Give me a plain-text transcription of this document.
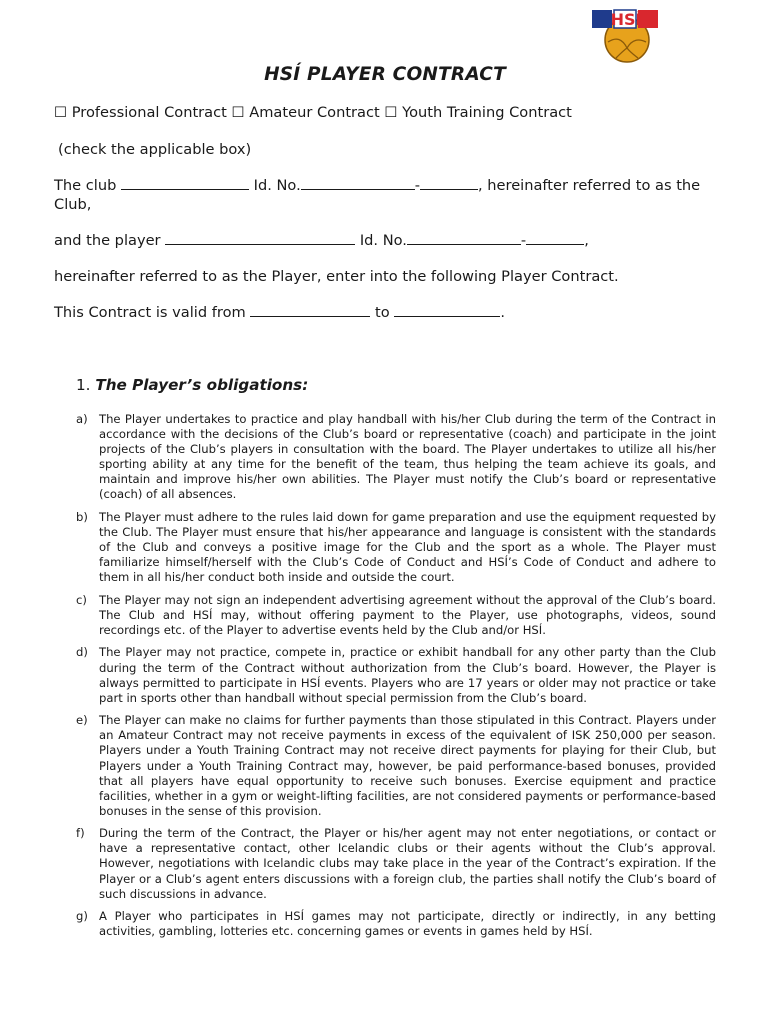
HSÍ
HSÍ PLAYER CONTRACT
☐ Professional Contract ☐ Amateur Contract ☐ Youth Training Contract
(check the applicable box)
The club	Id. No.	-	, hereinafter referred to as the
Club,
and the player	Id. No.	-	,
hereinafter referred to as the Player, enter into the following Player Contract.
This Contract is valid from	to	.
1. The Player’s obligations:
a) The Player undertakes to practice and play handball with his/her Club during the term of the Contract in accordance with the decisions of the Club’s board or representative (coach) and participate in the joint projects of the Club’s players in consultation with the board. The Player undertakes to utilize all his/her sporting ability at any time for the benefit of the team, thus helping the team achieve its goals, and maintain and improve his/her own abilities. The Player must notify the Club’s board or representative (coach) of all absences.
b) The Player must adhere to the rules laid down for game preparation and use the equipment requested by the Club. The Player must ensure that his/her appearance and language is consistent with the standards of the Club and conveys a positive image for the Club and the sport as a whole. The Player must familiarize himself/herself with the Club’s Code of Conduct and HSÍ’s Code of Conduct and adhere to them in all his/her conduct both inside and outside the court.
c)	The Player may not sign an independent advertising agreement without the approval of the Club’s board. The Club and HSÍ may, without offering payment to the Player, use photographs, videos, sound recordings etc. of the Player to advertise events held by the Club and/or HSÍ.
d) The Player may not practice, compete in, practice or exhibit handball for any other party than the Club during the term of the Contract without authorization from the Club’s board. However, the Player is always permitted to participate in HSÍ events. Players who are 17 years or older may not practice or take part in sports other than handball without special permission from the Club’s board.
e) The Player can make no claims for further payments than those stipulated in this Contract. Players under an Amateur Contract may not receive payments in excess of the equivalent of ISK 250,000 per season. Players under a Youth Training Contract may not receive direct payments for playing for their Club, but Players under a Youth Training Contract may, however, be paid performance-based bonuses, provided that all players have equal opportunity to receive such bonuses. Exercise equipment and practice facilities, whether in a gym or weight-lifting facilities, are not considered payments or performance-based bonuses in the sense of this provision.
f)	During the term of the Contract, the Player or his/her agent may not enter negotiations, or contact or have a representative contact, other Icelandic clubs or their agents without the Club’s approval. However, negotiations with Icelandic clubs may take place in the year of the Contract’s expiration. If the Player or a Club’s agent enters discussions with a foreign club, the parties shall notify the Club’s board of such discussions in advance.
g) A Player who participates in HSÍ games may not participate, directly or indirectly, in any betting activities, gambling, lotteries etc. concerning games or events in games held by HSÍ.
